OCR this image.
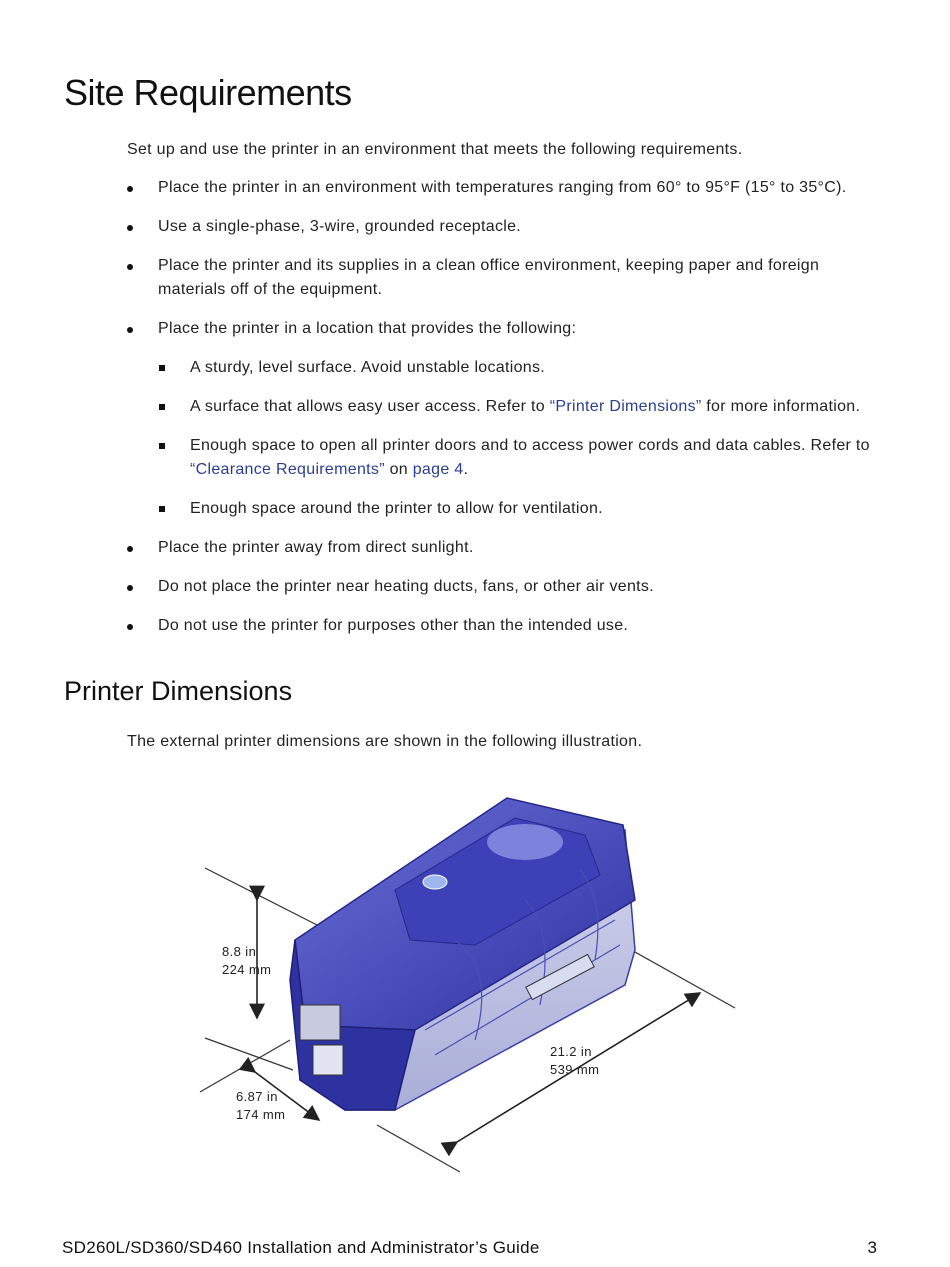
Site Requirements

Set up and use the printer in an environment that meets the following requirements.

Place the printer in an environment with temperatures ranging from 60° to 95°F (15° to 35°C).
Use a single-phase, 3-wire, grounded receptacle.
Place the printer and its supplies in a clean office environment, keeping paper and foreign materials off of the equipment.
Place the printer in a location that provides the following:
A sturdy, level surface. Avoid unstable locations.
A surface that allows easy user access. Refer to “Printer Dimensions” for more information.
Enough space to open all printer doors and to access power cords and data cables. Refer to “Clearance Requirements” on page 4.
Enough space around the printer to allow for ventilation.
Place the printer away from direct sunlight.
Do not place the printer near heating ducts, fans, or other air vents.
Do not use the printer for purposes other than the intended use.
Printer Dimensions

The external printer dimensions are shown in the following illustration.

8.8 in
224 mm
6.87 in
174 mm
21.2 in
539 mm

SD260L/SD360/SD460 Installation and Administrator’s Guide	3
